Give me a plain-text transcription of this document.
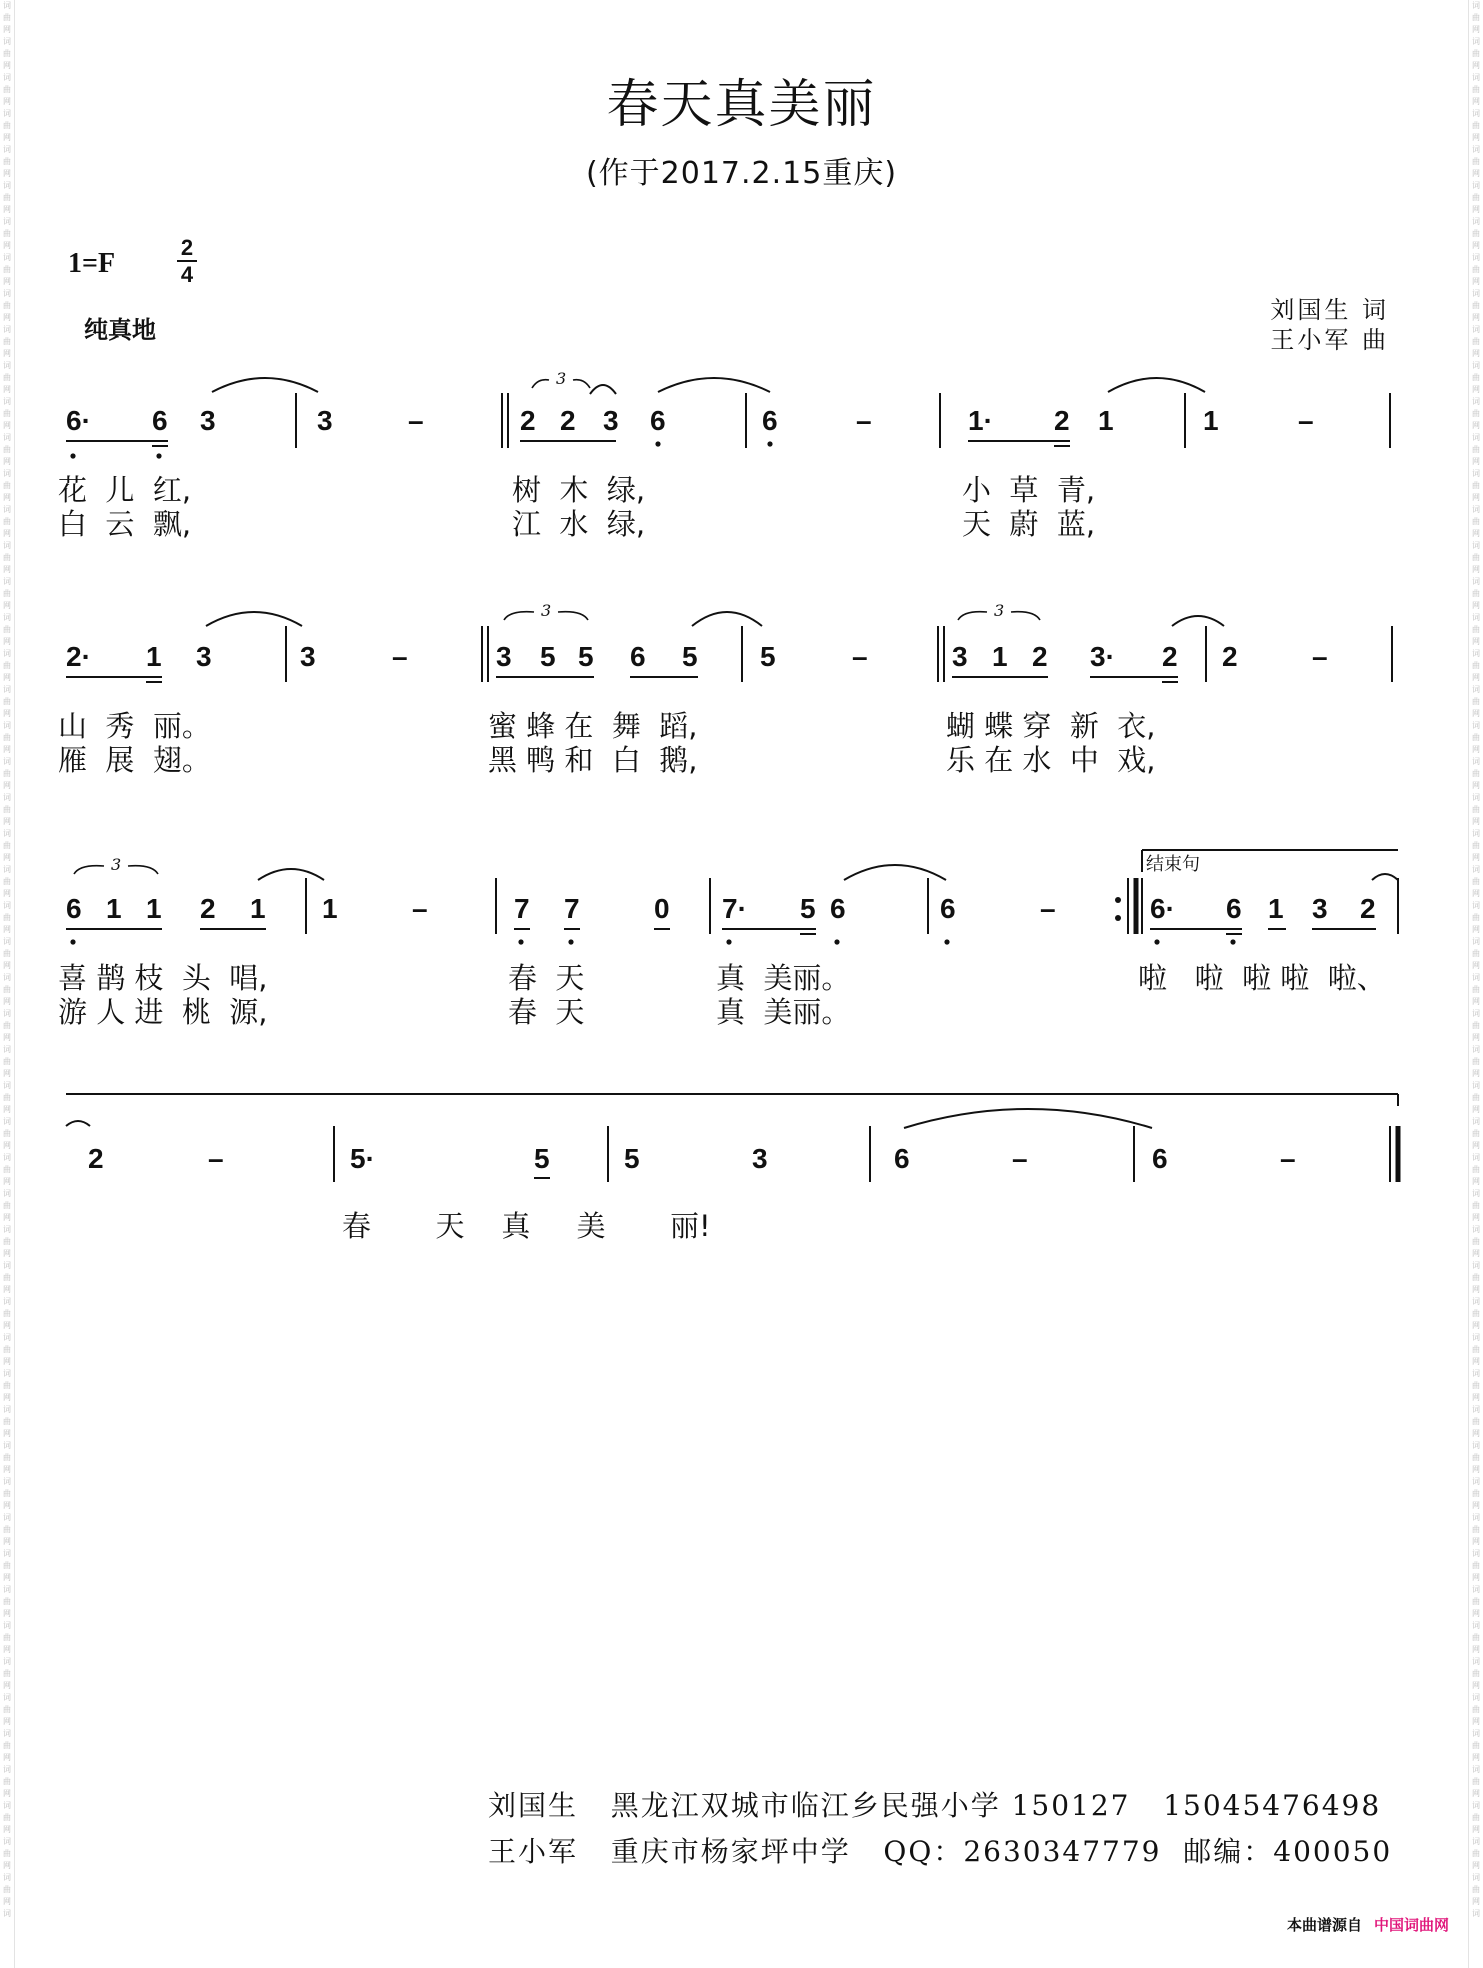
词
曲
网
词
曲
网
词
曲
网
词
曲
网
词
曲
网
词
曲
网
词
曲
网
词
曲
网
词
曲
网
词
曲
网
词
曲
网
词
曲
网
词
曲
网
词
曲
网
词
曲
网
词
曲
网
词
曲
网
词
曲
网
词
曲
网
词
曲
网
词
曲
网
词
曲
网
词
曲
网
词
曲
网
词
曲
网
词
曲
网
词
曲
网
词
曲
网
词
曲
网
词
曲
网
词
曲
网
词
曲
网
词
曲
网
词
曲
网
词
曲
网
词
曲
网
词
曲
网
词
曲
网
词
曲
网
词
曲
网
词
曲
网
词
曲
网
词
曲
网
词
曲
网
词
曲
网
词
曲
网
词
曲
网
词
曲
网
词
曲
网
词
曲
网
词
曲
网
词
曲
网
词
曲
网
词
词
曲
网
词
曲
网
词
曲
网
词
曲
网
词
曲
网
词
曲
网
词
曲
网
词
曲
网
词
曲
网
词
曲
网
词
曲
网
词
曲
网
词
曲
网
词
曲
网
词
曲
网
词
曲
网
词
曲
网
词
曲
网
词
曲
网
词
曲
网
词
曲
网
词
曲
网
词
曲
网
词
曲
网
词
曲
网
词
曲
网
词
曲
网
词
曲
网
词
曲
网
词
曲
网
词
曲
网
词
曲
网
词
曲
网
词
曲
网
词
曲
网
词
曲
网
词
曲
网
词
曲
网
词
曲
网
词
曲
网
词
曲
网
词
曲
网
词
曲
网
词
曲
网
词
曲
网
词
曲
网
词
曲
网
词
曲
网
词
曲
网
词
曲
网
词
曲
网
词
曲
网
词
曲
网
词
春天真美丽
(作于2017.2.15重庆)
1=F
2
4
纯真地
刘国生 词
王小军 曲
6· 6 3	3	–	2 2 3 6	6	–	1· 2 1	1	–
3
2· 1 3	3	–	3 5 5 6 5 5	–	3 1 2 3· 2 2	–
3	3
6 1 1 2 1 1	–	7 7	0 7· 5 6	6	–	6· 6 1 3 2
3	结束句
2	–	5·	5	5	3	6	–	6	–
花  儿  红,	树  木  绿,	小  草  青,
白  云  飘,	江  水  绿,	天  蔚  蓝,
山  秀  丽。	蜜 蜂 在  舞  蹈,	蝴 蝶 穿  新  衣,
雁  展  翅。	黑 鸭 和  白  鹅,	乐 在 水  中  戏,
喜 鹊 枝  头  唱,	春  天	真  美丽。	啦   啦  啦 啦  啦、
游 人 进  桃  源,	春  天	真  美丽。
春       天    真     美       丽!
刘国生   黑龙江双城市临江乡民强小学 150127   15045476498
王小军   重庆市杨家坪中学   QQ：2630347779  邮编：400050
本曲谱源自 中国词曲网
